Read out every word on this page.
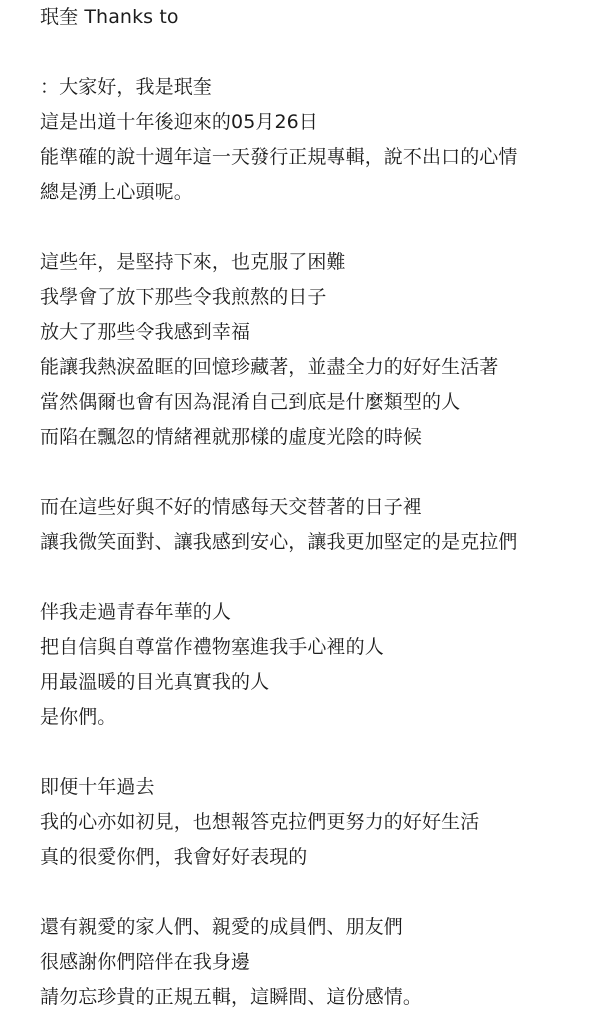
珉奎 Thanks to
：大家好，我是珉奎
這是出道十年後迎來的05月26日
能準確的說十週年這一天發行正規專輯，說不出口的心情
總是湧上心頭呢。
這些年，是堅持下來，也克服了困難
我學會了放下那些令我煎熬的日子
放大了那些令我感到幸福
能讓我熱淚盈眶的回憶珍藏著，並盡全力的好好生活著
當然偶爾也會有因為混淆自己到底是什麼類型的人
而陷在飄忽的情緒裡就那樣的虛度光陰的時候
而在這些好與不好的情感每天交替著的日子裡
讓我微笑面對、讓我感到安心，讓我更加堅定的是克拉們
伴我走過青春年華的人
把自信與自尊當作禮物塞進我手心裡的人
用最溫暖的目光真實我的人
是你們。
即便十年過去
我的心亦如初見，也想報答克拉們更努力的好好生活
真的很愛你們，我會好好表現的
還有親愛的家人們、親愛的成員們、朋友們
很感謝你們陪伴在我身邊
請勿忘珍貴的正規五輯，這瞬間、這份感情。
